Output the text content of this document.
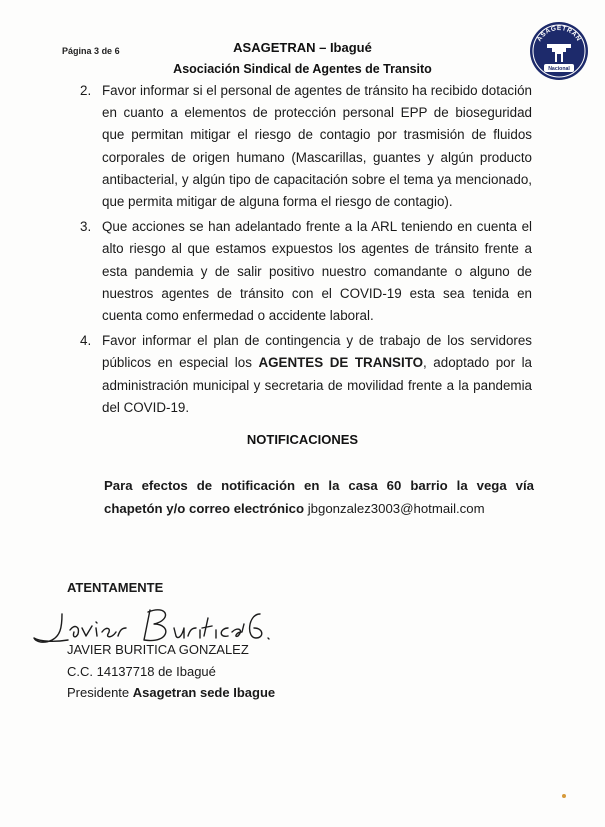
Página 3 de 6	ASAGETRAN – Ibagué
Asociación Sindical de Agentes de Transito
ASAGETRAN
Nacional
2. Favor informar si el personal de agentes de tránsito ha recibido dotación en cuanto a elementos de protección personal EPP de bioseguridad que permitan mitigar el riesgo de contagio por trasmisión de fluidos corporales de origen humano (Mascarillas, guantes y algún producto antibacterial, y algún tipo de capacitación sobre el tema ya mencionado, que permita mitigar de alguna forma el riesgo de contagio).
3. Que acciones se han adelantado frente a la ARL teniendo en cuenta el alto riesgo al que estamos expuestos los agentes de tránsito frente a esta pandemia y de salir positivo nuestro comandante o alguno de nuestros agentes de tránsito con el COVID-19 esta sea tenida en cuenta como enfermedad o accidente laboral.
4. Favor informar el plan de contingencia y de trabajo de los servidores públicos en especial los AGENTES DE TRANSITO, adoptado por la administración municipal y secretaria de movilidad frente a la pandemia del COVID-19.
NOTIFICACIONES
Para efectos de notificación en la casa 60 barrio la vega vía chapetón y/o correo electrónico jbgonzalez3003@hotmail.com
ATENTAMENTE
Javier Buritica G.
JAVIER BURITICA GONZALEZ
C.C. 14137718 de Ibagué
Presidente Asagetran sede Ibague
